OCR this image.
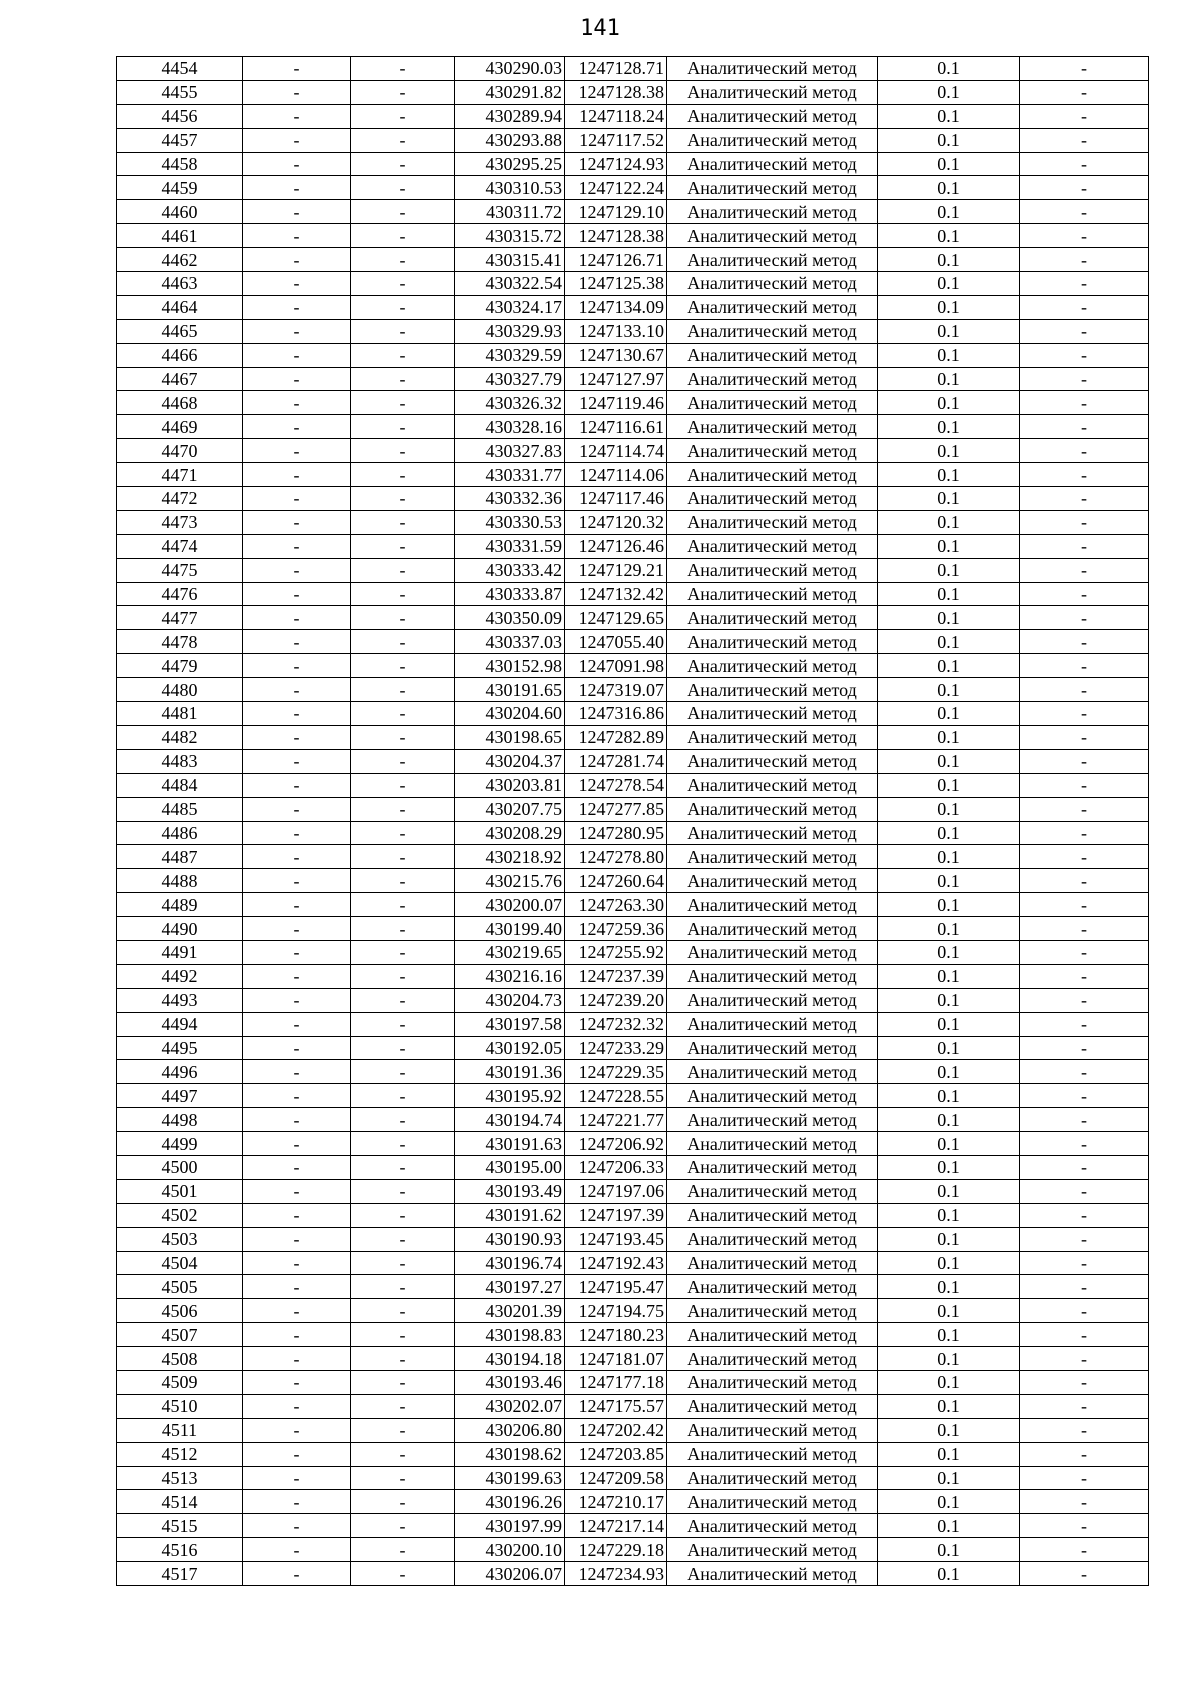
141
4454	-	-	430290.03	1247128.71	Аналитический метод	0.1	-
4455	-	-	430291.82	1247128.38	Аналитический метод	0.1	-
4456	-	-	430289.94	1247118.24	Аналитический метод	0.1	-
4457	-	-	430293.88	1247117.52	Аналитический метод	0.1	-
4458	-	-	430295.25	1247124.93	Аналитический метод	0.1	-
4459	-	-	430310.53	1247122.24	Аналитический метод	0.1	-
4460	-	-	430311.72	1247129.10	Аналитический метод	0.1	-
4461	-	-	430315.72	1247128.38	Аналитический метод	0.1	-
4462	-	-	430315.41	1247126.71	Аналитический метод	0.1	-
4463	-	-	430322.54	1247125.38	Аналитический метод	0.1	-
4464	-	-	430324.17	1247134.09	Аналитический метод	0.1	-
4465	-	-	430329.93	1247133.10	Аналитический метод	0.1	-
4466	-	-	430329.59	1247130.67	Аналитический метод	0.1	-
4467	-	-	430327.79	1247127.97	Аналитический метод	0.1	-
4468	-	-	430326.32	1247119.46	Аналитический метод	0.1	-
4469	-	-	430328.16	1247116.61	Аналитический метод	0.1	-
4470	-	-	430327.83	1247114.74	Аналитический метод	0.1	-
4471	-	-	430331.77	1247114.06	Аналитический метод	0.1	-
4472	-	-	430332.36	1247117.46	Аналитический метод	0.1	-
4473	-	-	430330.53	1247120.32	Аналитический метод	0.1	-
4474	-	-	430331.59	1247126.46	Аналитический метод	0.1	-
4475	-	-	430333.42	1247129.21	Аналитический метод	0.1	-
4476	-	-	430333.87	1247132.42	Аналитический метод	0.1	-
4477	-	-	430350.09	1247129.65	Аналитический метод	0.1	-
4478	-	-	430337.03	1247055.40	Аналитический метод	0.1	-
4479	-	-	430152.98	1247091.98	Аналитический метод	0.1	-
4480	-	-	430191.65	1247319.07	Аналитический метод	0.1	-
4481	-	-	430204.60	1247316.86	Аналитический метод	0.1	-
4482	-	-	430198.65	1247282.89	Аналитический метод	0.1	-
4483	-	-	430204.37	1247281.74	Аналитический метод	0.1	-
4484	-	-	430203.81	1247278.54	Аналитический метод	0.1	-
4485	-	-	430207.75	1247277.85	Аналитический метод	0.1	-
4486	-	-	430208.29	1247280.95	Аналитический метод	0.1	-
4487	-	-	430218.92	1247278.80	Аналитический метод	0.1	-
4488	-	-	430215.76	1247260.64	Аналитический метод	0.1	-
4489	-	-	430200.07	1247263.30	Аналитический метод	0.1	-
4490	-	-	430199.40	1247259.36	Аналитический метод	0.1	-
4491	-	-	430219.65	1247255.92	Аналитический метод	0.1	-
4492	-	-	430216.16	1247237.39	Аналитический метод	0.1	-
4493	-	-	430204.73	1247239.20	Аналитический метод	0.1	-
4494	-	-	430197.58	1247232.32	Аналитический метод	0.1	-
4495	-	-	430192.05	1247233.29	Аналитический метод	0.1	-
4496	-	-	430191.36	1247229.35	Аналитический метод	0.1	-
4497	-	-	430195.92	1247228.55	Аналитический метод	0.1	-
4498	-	-	430194.74	1247221.77	Аналитический метод	0.1	-
4499	-	-	430191.63	1247206.92	Аналитический метод	0.1	-
4500	-	-	430195.00	1247206.33	Аналитический метод	0.1	-
4501	-	-	430193.49	1247197.06	Аналитический метод	0.1	-
4502	-	-	430191.62	1247197.39	Аналитический метод	0.1	-
4503	-	-	430190.93	1247193.45	Аналитический метод	0.1	-
4504	-	-	430196.74	1247192.43	Аналитический метод	0.1	-
4505	-	-	430197.27	1247195.47	Аналитический метод	0.1	-
4506	-	-	430201.39	1247194.75	Аналитический метод	0.1	-
4507	-	-	430198.83	1247180.23	Аналитический метод	0.1	-
4508	-	-	430194.18	1247181.07	Аналитический метод	0.1	-
4509	-	-	430193.46	1247177.18	Аналитический метод	0.1	-
4510	-	-	430202.07	1247175.57	Аналитический метод	0.1	-
4511	-	-	430206.80	1247202.42	Аналитический метод	0.1	-
4512	-	-	430198.62	1247203.85	Аналитический метод	0.1	-
4513	-	-	430199.63	1247209.58	Аналитический метод	0.1	-
4514	-	-	430196.26	1247210.17	Аналитический метод	0.1	-
4515	-	-	430197.99	1247217.14	Аналитический метод	0.1	-
4516	-	-	430200.10	1247229.18	Аналитический метод	0.1	-
4517	-	-	430206.07	1247234.93	Аналитический метод	0.1	-
